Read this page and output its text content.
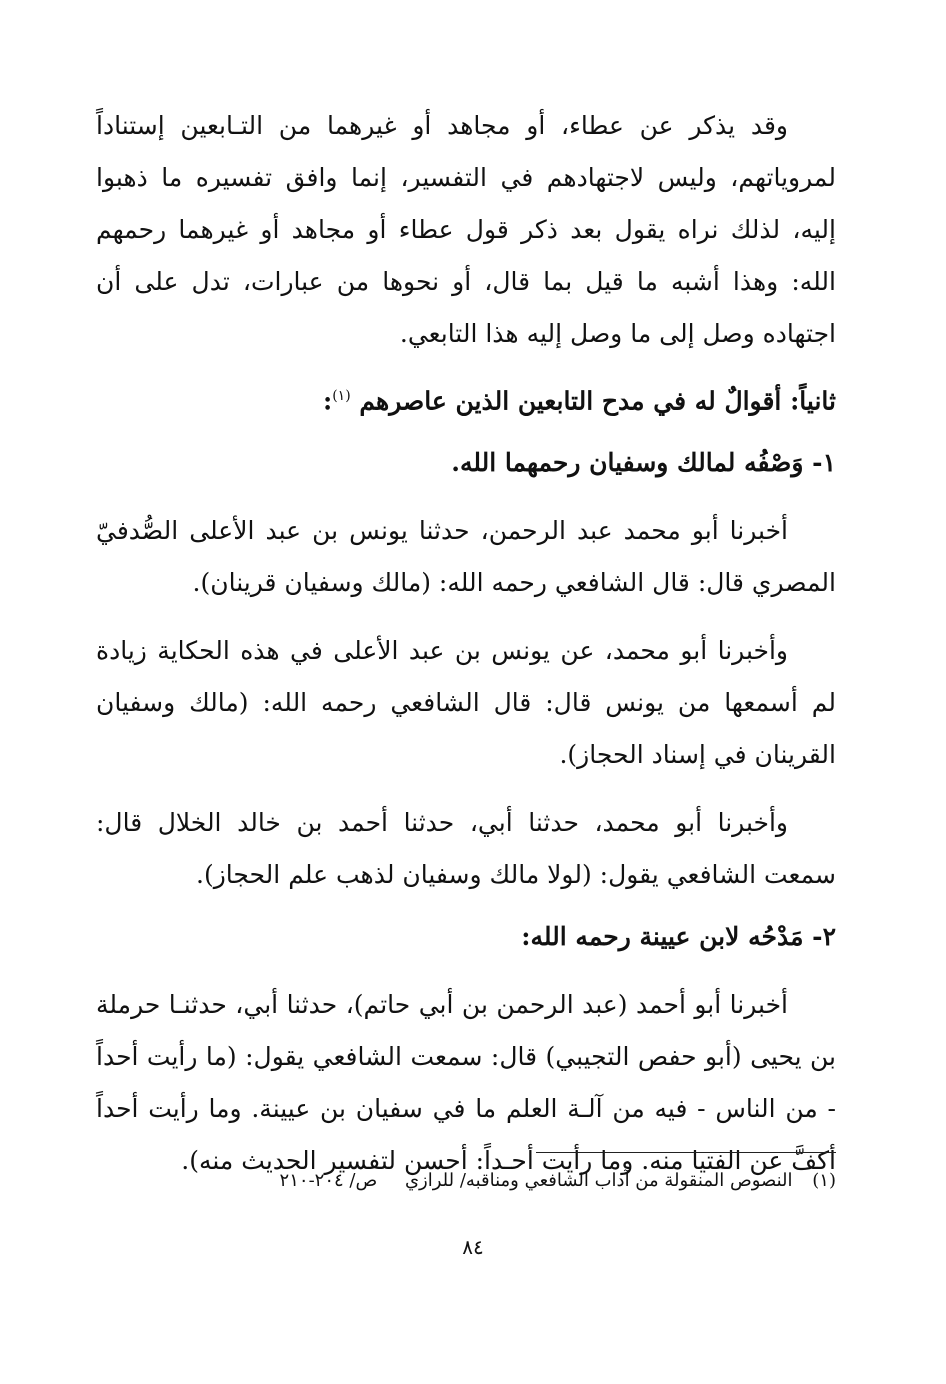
وقد يذكر عن عطاء، أو مجاهد أو غيرهما من التـابعين إستناداً لمروياتهم، وليس لاجتهادهم في التفسير، إنما وافق تفسيره ما ذهبوا إليه، لذلك نراه يقول بعد ذكر قول عطاء أو مجاهد أو غيرهما رحمهم الله: وهذا أشبه ما قيل بما قال، أو نحوها من عبارات، تدل على أن اجتهاده وصل إلى ما وصل إليه هذا التابعي.

ثانياً: أقوالٌ له في مدح التابعين الذين عاصرهم $^{(١)}$:

١- وَصْفُه لمالك وسفيان رحمهما الله.

أخبرنا أبو محمد عبد الرحمن، حدثنا يونس بن عبد الأعلى الصُّدفيّ المصري قال: قال الشافعي رحمه الله: (مالك وسفيان قرينان).

وأخبرنا أبو محمد، عن يونس بن عبد الأعلى في هذه الحكاية زيادة لم أسمعها من يونس قال: قال الشافعي رحمه الله: (مالك وسفيان القرينان في إسناد الحجاز).

وأخبرنا أبو محمد، حدثنا أبي، حدثنا أحمد بن خالد الخلال قال: سمعت الشافعي يقول: (لولا مالك وسفيان لذهب علم الحجاز).

٢- مَدْحُه لابن عيينة رحمه الله:

أخبرنا أبو أحمد (عبد الرحمن بن أبي حاتم)، حدثنا أبي، حدثنـا حرملة بن يحيى (أبو حفص التجيبي) قال: سمعت الشافعي يقول: (ما رأيت أحداً - من الناس - فيه من آلـة العلم ما في سفيان بن عيينة. وما رأيت أحداً أكفَّ عن الفتيا منه. وما رأيت أحـداً: أحسن لتفسير الحديث منه).

(١) النصوص المنقولة من آداب الشافعي ومناقبه/ للرازي ص/ ٢٠٤-٢١٠
٨٤
